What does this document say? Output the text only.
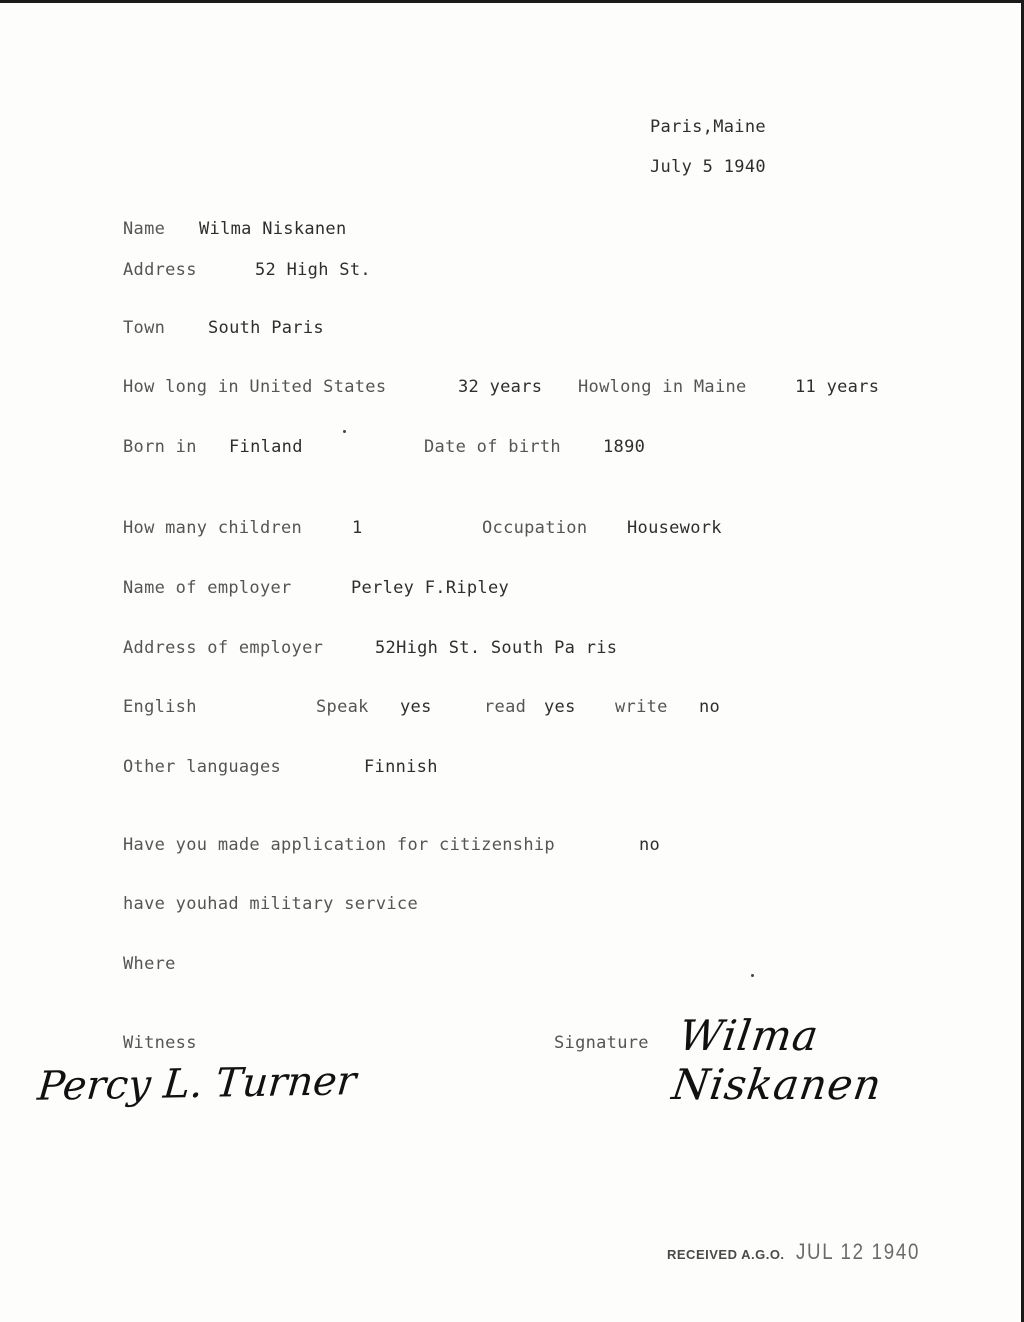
Paris,Maine
July 5 1940
Name Wilma Niskanen
Address	52 High St.
Town	South Paris
How long in United States	32 years Howlong in Maine	11 years
Born in Finland	Date of birth 1890
How many children	1	Occupation Housework
Name of employer	Perley F.Ripley
Address of employer	52High St. South Pa ris
English	Speak yes	read yes write no
Other languages	Finnish
Have you made application for citizenship	no
have youhad military service
Where
Witness	Signature Wilma Niskanen
Percy L. Turner
RECEIVED A.G.O. JUL 12 1940
